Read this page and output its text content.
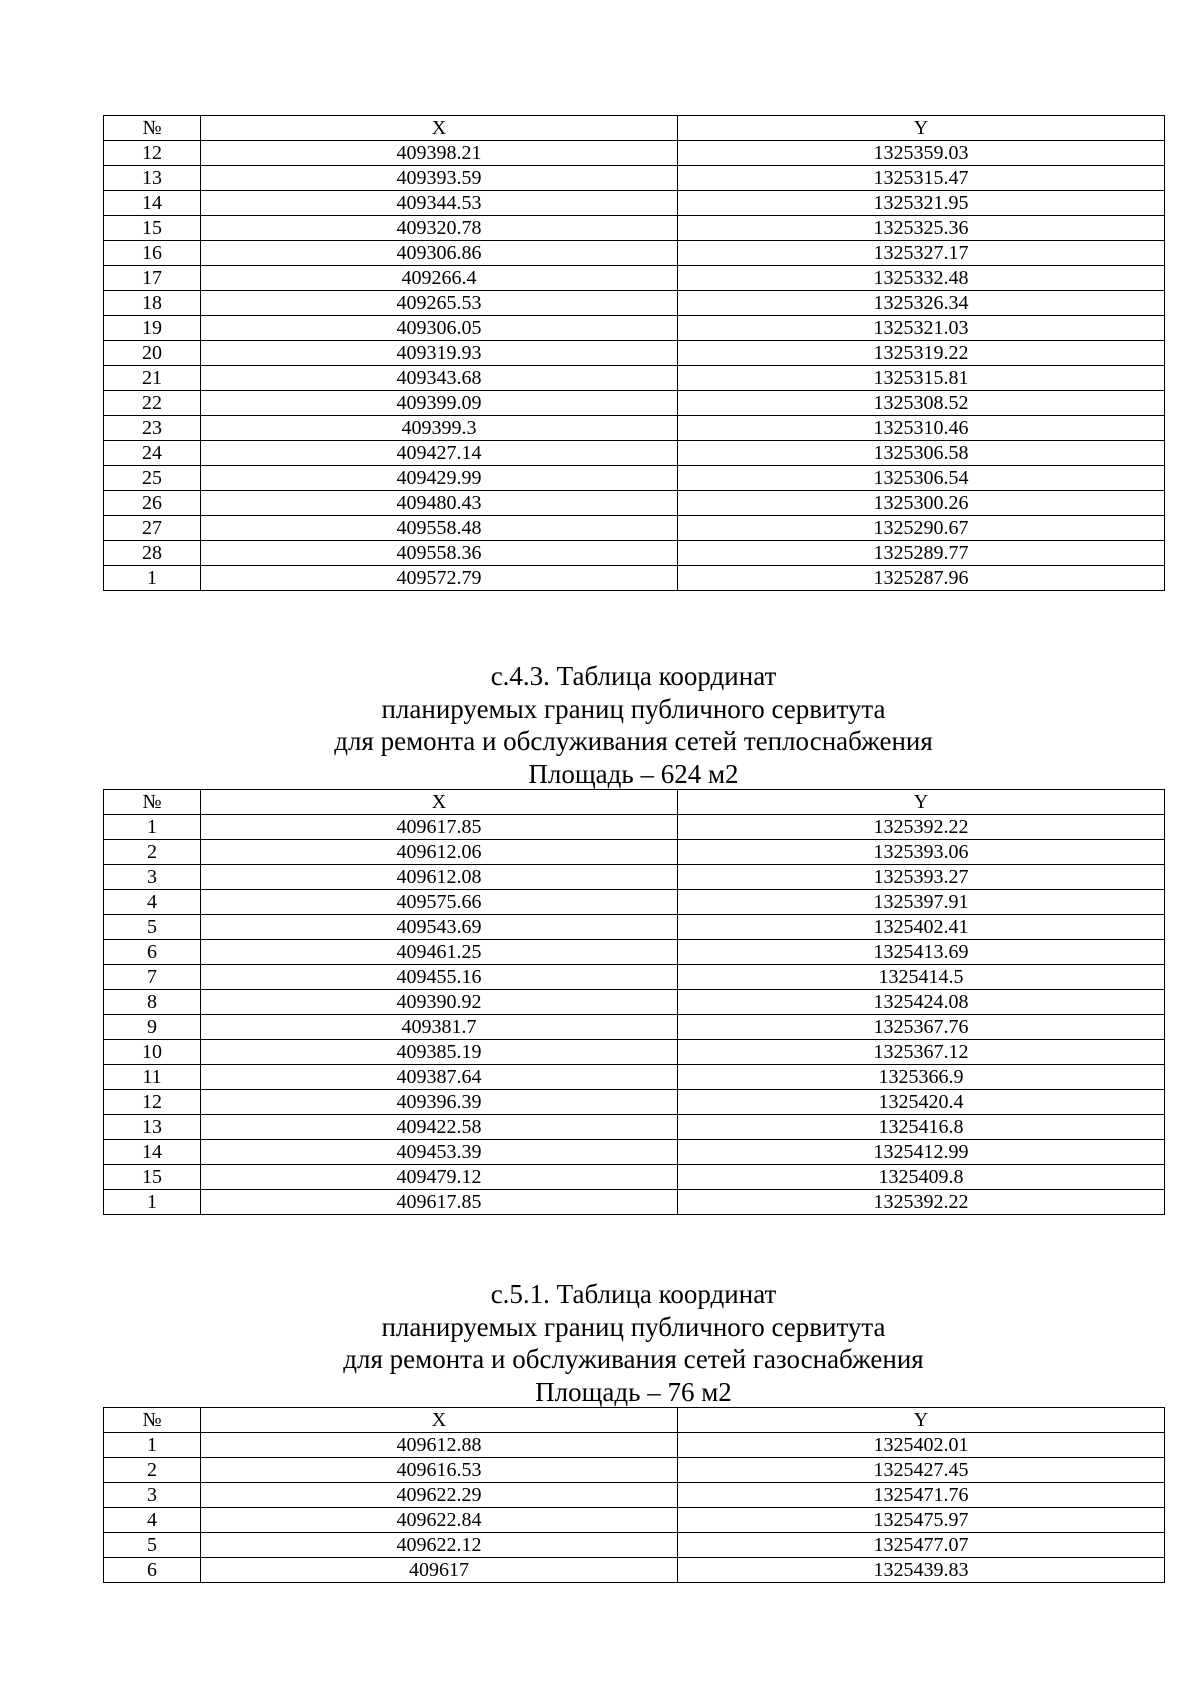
№	X	Y
12	409398.21	1325359.03
13	409393.59	1325315.47
14	409344.53	1325321.95
15	409320.78	1325325.36
16	409306.86	1325327.17
17	409266.4	1325332.48
18	409265.53	1325326.34
19	409306.05	1325321.03
20	409319.93	1325319.22
21	409343.68	1325315.81
22	409399.09	1325308.52
23	409399.3	1325310.46
24	409427.14	1325306.58
25	409429.99	1325306.54
26	409480.43	1325300.26
27	409558.48	1325290.67
28	409558.36	1325289.77
1	409572.79	1325287.96
с.4.3. Таблица координат
планируемых границ публичного сервитута
для ремонта и обслуживания сетей теплоснабжения
Площадь – 624 м2
№	X	Y
1	409617.85	1325392.22
2	409612.06	1325393.06
3	409612.08	1325393.27
4	409575.66	1325397.91
5	409543.69	1325402.41
6	409461.25	1325413.69
7	409455.16	1325414.5
8	409390.92	1325424.08
9	409381.7	1325367.76
10	409385.19	1325367.12
11	409387.64	1325366.9
12	409396.39	1325420.4
13	409422.58	1325416.8
14	409453.39	1325412.99
15	409479.12	1325409.8
1	409617.85	1325392.22
с.5.1. Таблица координат
планируемых границ публичного сервитута
для ремонта и обслуживания сетей газоснабжения
Площадь – 76 м2
№	X	Y
1	409612.88	1325402.01
2	409616.53	1325427.45
3	409622.29	1325471.76
4	409622.84	1325475.97
5	409622.12	1325477.07
6	409617	1325439.83
